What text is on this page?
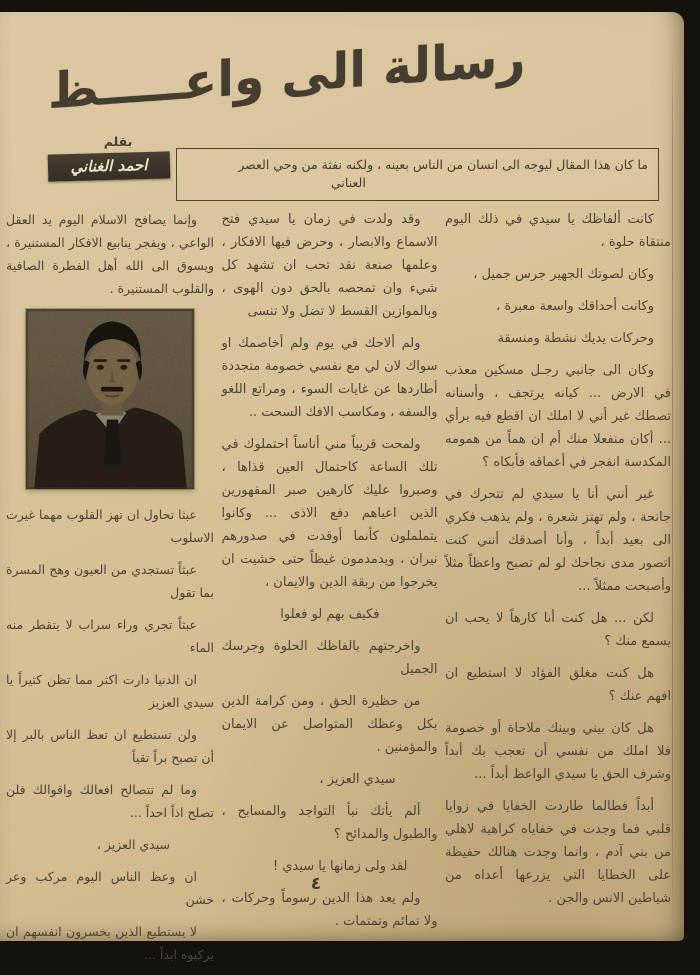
رسالة الى واعـــــظ
بقلم
احمد الغناني	ما كان هذا المقال ليوجه الى انسان من الناس بعينه ، ولكنه نفثة من وحي العصر
العناني

كانت ألفاظك يا سيدي في ذلك اليوم منتقاة حلوة ،

وكان لصوتك الجهير جرس جميل ،

وكانت أحداقك واسعة معبرة ،

وحركات يديك نشطة ومنسقة

وكان الى جانبي رجـل مسكين معذب في الارض ... كيانه يرتجف ، وأسنانه تصطك غير أني لا املك ان اقطع فيه برأي ... أكان منفعلا منك أم ان هماً من همومه المكدسة انفجر في أعماقه فأبكاه ؟

غير أنني أنا يا سيدي لم تتحرك في جانحة ، ولم تهتز شعرة ، ولم يذهب فكري الى بعيد أبداً ، وأنا أصدقك أنني كنت اتصور مدى نجاحك لو لم تصبح واعظاً مثلاً وأصبحت ممثلاً ...

لكن ... هل كنت أنا كارهاً لا يحب ان يسمع منك ؟

هل كنت مغلق الفؤاد لا استطيع ان افهم عنك ؟

هل كان بيني وبينك ملاحاة أو خصومة فلا املك من نفسي أن تعجب بك أبداً وشرف الحق يا سيدي الواعظ أبداً ...

أبداً فطالما طاردت الخفايا في زوايا قلبي فما وجدت في خفاياه كراهية لاهلي من بني آدم ، وانما وجدت هنالك حفيظة على الخطايا التي يزرعها أعداه من شياطين الانس والجن .

وقد ولدت في زمان يا سيدي فتح الاسماع والابصار ، وحرض فيها الافكار ، وعلمها صنعة نقد تحب ان تشهد كل شيء وان تمحصه بالحق دون الهوى ، وبالموازين القسط لا تضل ولا تنسى

ولم ألاحك في يوم ولم أخاصمك او سواك لان لي مع نفسي خصومة متجددة أطاردها عن غايات السوء ، ومراتع اللغو والسفه ، ومكاسب الافك السحت ..

ولمحت قريباً مني أناساً احتملوك في تلك الساعة كاحتمال العين قذاها ، وصبروا عليك كارهين صبر المقهورين الذين اعياهم دفع الاذى ... وكانوا يتململون كأنما أوقدت في صدورهم نيران ، ويدمدمون غيظاً حتى خشيت ان يخرجوا من ربقة الدين والايمان ،

فكيف بهم لو فعلوا

واخرجتهم بالفاظك الحلوة وجرسك الجميل

من حظيرة الحق ، ومن كرامة الدين بكل وعظك المتواصل عن الايمان والمؤمنين .

سيدي العزيز ،

ألم يأتك نبأ التواجد والمسابح ، والطبول والمدائح ؟

لقد ولى زمانها يا سيدي !

ولم يعد هذا الدين رسوماً وحركات ، ولا تمائم وتمتمات .

وإنما يصافح الاسلام اليوم يد العقل الواعي ، ويفجر ينابيع الافكار المستنيرة ، ويسوق الى الله أهل الفطرة الصافية والقلوب المستنيرة .

عبثا تحاول ان تهز القلوب مهما غيرت الاسلوب

عبثاً تستجدي من العيون وهج المسرة بما تقول

عبثاً تجري وراء سراب لا يتقطر منه الماء

ان الدنيا دارت اكثر مما تظن كثيراً يا سيدي العزيز

ولن تستطيع ان تعظ الناس بالبر إلا أن تصبح براً تقياً

وما لم تتصالح افعالك واقوالك فلن تصلح اذاً احداً ...

سيدي العزيز ،

ان وعظ الناس اليوم مركب وعر خشن

لا يستطيع الذين يخسرون انفسهم ان يركبوه ابداً ...

٤
